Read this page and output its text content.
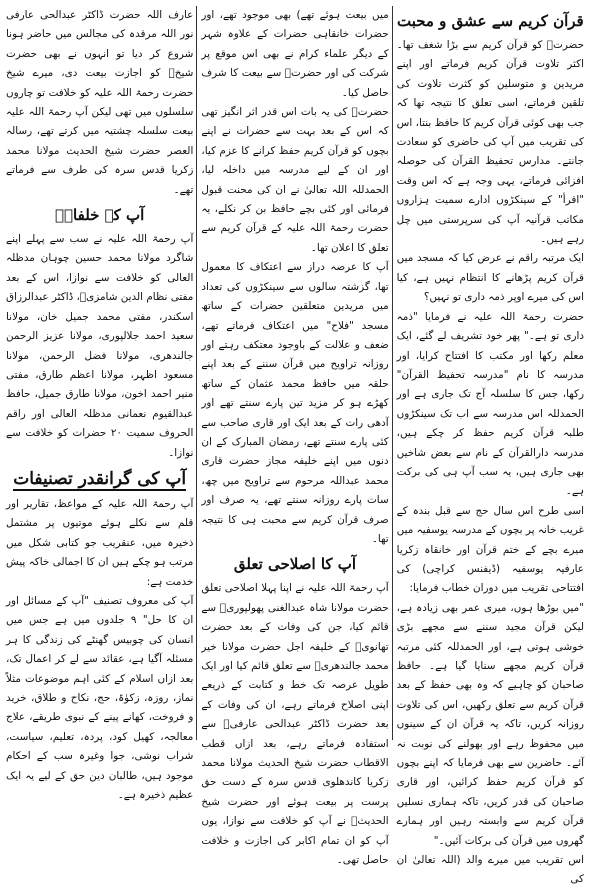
قرآن کریم سے عشق و محبت

حضرتؒ کو قرآن کریم سے بڑا شغف تھا۔ اکثر تلاوت قرآن کریم فرماتے اور اپنے مریدین و متوسلین کو کثرت تلاوت کی تلقین فرماتے، اسی تعلق کا نتیجہ تھا کہ جب بھی کوئی قرآن کریم کا حافظ بنتا، اس کی تقریب میں آپ کی حاضری کو سعادت جانتے۔ مدارس تحفیظ القرآن کی حوصلہ افزائی فرماتے، یہی وجہ ہے کہ اس وقت "اقرأ" کے سینکڑوں ادارے سمیت ہزاروں مکاتب قرآنیہ آپ کی سرپرستی میں چل رہے ہیں۔

ایک مرتبہ راقم نے عرض کیا کہ مسجد میں قرآن کریم پڑھانے کا انتظام نہیں ہے، کیا اس کی میرے اوپر ذمہ داری تو نہیں؟

حضرت رحمۃ اللہ علیہ نے فرمایا "ذمہ داری تو ہے۔" پھر خود تشریف لے گئے، ایک معلم رکھا اور مکتب کا افتتاح کرایا، اور مدرسہ کا نام "مدرسہ تحفیظ القرآن" رکھا، جس کا سلسلہ آج تک جاری ہے اور الحمدللہ اس مدرسہ سے اب تک سینکڑوں طلبہ قرآن کریم حفظ کر چکے ہیں، مدرسہ دارالقرآن کے نام سے بعض شاخیں بھی جاری ہیں، یہ سب آپ ہی کی برکت ہے۔

اسی طرح اس سال حج سے قبل بندہ کے غریب خانہ پر بچوں کے مدرسہ یوسفیہ میں میرے بچے کے ختم قرآن اور خانقاہ زکریا عارفیہ یوسفیہ (ڈیفنس کراچی) کی افتتاحی تقریب میں دوران خطاب فرمایا:

"میں بوڑھا ہوں، میری عمر بھی زیادہ ہے، لیکن قرآن مجید سننے سے مجھے بڑی خوشی ہوتی ہے، اور الحمدللہ کئی مرتبہ قرآن کریم مجھے سنایا گیا ہے۔ حافظ صاحبان کو چاہیے کہ وہ بھی حفظ کے بعد قرآن کریم سے تعلق رکھیں، اس کی تلاوت روزانہ کریں، تاکہ یہ قرآن ان کے سینوں میں محفوظ رہے اور بھولنے کی نوبت نہ آئے۔ حاضرین سے بھی فرمایا کہ اپنے بچوں کو قرآن کریم حفظ کرائیں، اور قاری صاحبان کی قدر کریں، تاکہ ہماری نسلیں قرآن کریم سے وابستہ رہیں اور ہمارے گھروں میں قرآن کی برکات آئیں۔"

اس تقریب میں میرے والد (اللہ تعالیٰ ان کی

میں بیعت ہوئے تھے) بھی موجود تھے، اور حضرات خانقاہی حضرات کے علاوہ شہر کے دیگر علماء کرام نے بھی اس موقع پر شرکت کی اور حضرتؒ سے بیعت کا شرف حاصل کیا۔

حضرتؒ کی یہ بات اس قدر اثر انگیز تھی کہ اس کے بعد بہت سے حضرات نے اپنے بچوں کو قرآن کریم حفظ کرانے کا عزم کیا، اور ان کے لیے مدرسہ میں داخلہ لیا، الحمدللہ اللہ تعالیٰ نے ان کی محنت قبول فرمائی اور کئی بچے حافظ بن کر نکلے، یہ حضرت رحمۃ اللہ علیہ کے قرآن کریم سے تعلق کا اعلان تھا۔

آپ کا عرصہ دراز سے اعتکاف کا معمول تھا، گزشتہ سالوں سے سینکڑوں کی تعداد میں مریدین متعلقین حضرات کے ساتھ مسجد "فلاح" میں اعتکاف فرماتے تھے، ضعف و علالت کے باوجود معتکف رہتے اور روزانہ تراویح میں قرآن سننے کے بعد اپنے حلقہ میں حافظ محمد عثمان کے ساتھ کھڑے ہو کر مزید تین پارے سنتے تھے اور آدھی رات کے بعد ایک اور قاری صاحب سے کئی پارے سنتے تھے، رمضان المبارک کے ان دنوں میں اپنے خلیفہ مجاز حضرت قاری محمد عبداللہ مرحوم سے تراویح میں چھ، سات پارے روزانہ سنتے تھے، یہ صرف اور صرف قرآن کریم سے محبت ہی کا نتیجہ تھا۔

آپ کا اصلاحی تعلق

آپ رحمۃ اللہ علیہ نے اپنا پہلا اصلاحی تعلق حضرت مولانا شاہ عبدالغنی پھولپوریؒ سے قائم کیا، جن کی وفات کے بعد حضرت تھانویؒ کے خلیفہ اجل حضرت مولانا خیر محمد جالندھریؒ سے تعلق قائم کیا اور ایک طویل عرصہ تک خط و کتابت کے ذریعے اپنی اصلاح فرماتے رہے، ان کی وفات کے بعد حضرت ڈاکٹر عبدالحی عارفیؒ سے استفادہ فرماتے رہے، بعد ازاں قطب الاقطاب حضرت شیخ الحدیث مولانا محمد زکریا کاندھلوی قدس سرہ کے دست حق پرست پر بیعت ہوئے اور حضرت شیخ الحدیثؒ نے آپ کو خلافت سے نوازا، یوں آپ کو ان تمام اکابر کی اجازت و خلافت حاصل تھی۔

عارف اللہ حضرت ڈاکٹر عبدالحی عارفی نور اللہ مرقدہ کی مجالس میں حاضر ہونا شروع کر دیا تو انہوں نے بھی حضرت شیخؒ کو اجازت بیعت دی، میرے شیخ حضرت رحمۃ اللہ علیہ کو خلافت تو چاروں سلسلوں میں تھی لیکن آپ رحمۃ اللہ علیہ بیعت سلسلہ چشتیہ میں کرتے تھے، رسالہ العصر حضرت شیخ الحدیث مولانا محمد زکریا قدس سرہ کی طرف سے فرماتے تھے۔

آپ کے خلفاءؒ

آپ رحمۃ اللہ علیہ نے سب سے پہلے اپنے شاگرد مولانا محمد حسین چوہان مدظلہ العالی کو خلافت سے نوازا، اس کے بعد مفتی نظام الدین شامزیؒ، ڈاکٹر عبدالرزاق اسکندر، مفتی محمد جمیل خان، مولانا سعید احمد جلالپوری، مولانا عزیز الرحمن جالندھری، مولانا فضل الرحمن، مولانا مسعود اظہر، مولانا اعظم طارق، مفتی منیر احمد اخون، مولانا طارق جمیل، حافظ عبدالقیوم نعمانی مدظلہ العالی اور راقم الحروف سمیت ۲۰ حضرات کو خلافت سے نوازا۔

آپ کی گرانقدر تصنیفات

آپ رحمۃ اللہ علیہ کے مواعظ، تقاریر اور قلم سے نکلے ہوئے موتیوں پر مشتمل ذخیرہ میں، عنقریب جو کتابی شکل میں مرتب ہو چکے ہیں ان کا اجمالی خاکہ پیش خدمت ہے:

آپ کی معروف تصنیف "آپ کے مسائل اور ان کا حل" ۹ جلدوں میں ہے جس میں انسان کی چوبیس گھنٹے کی زندگی کا ہر مسئلہ آگیا ہے، عقائد سے لے کر اعمال تک، بعد ازاں اسلام کے کئی اہم موضوعات مثلاً نماز، روزہ، زکوٰۃ، حج، نکاح و طلاق، خرید و فروخت، کھانے پینے کے نبوی طریقے، علاج معالجہ، کھیل کود، پردہ، تعلیم، سیاست، شراب نوشی، جوا وغیرہ سب کے احکام موجود ہیں، طالبان دین حق کے لیے یہ ایک عظیم ذخیرہ ہے۔
